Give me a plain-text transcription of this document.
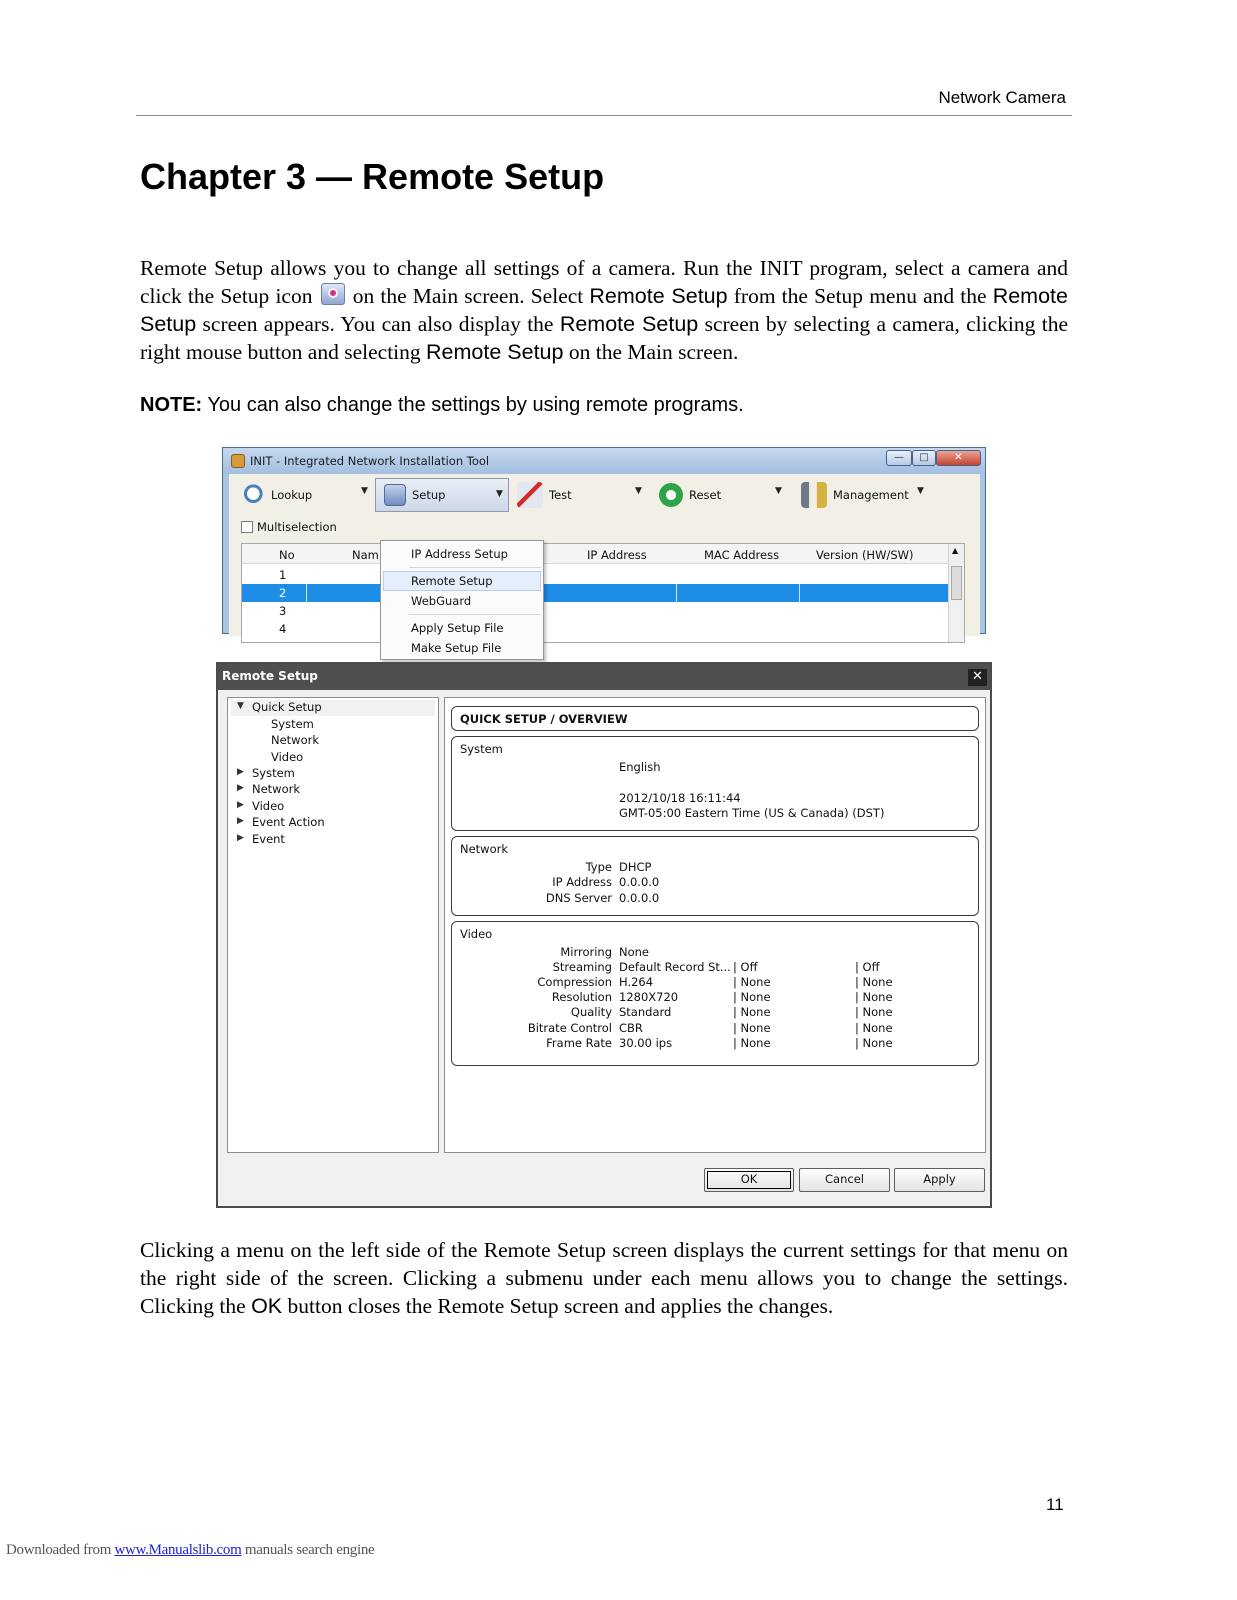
Network Camera
Chapter 3 — Remote Setup

Remote Setup allows you to change all settings of a camera. Run the INIT program, select a camera and click the Setup icon  on the Main screen. Select Remote Setup from the Setup menu and the Remote Setup screen appears. You can also display the Remote Setup screen by selecting a camera, clicking the right mouse button and selecting Remote Setup on the Main screen.

NOTE: You can also change the settings by using remote programs.

INIT - Integrated Network Installation Tool	—	□	✕
Lookup	▼	Setup	▼	Test	▼	Reset	▼	Management ▼
Multiselection
No	Nam	IP Address	MAC Address	Version (HW/SW)
1
2
3
4
▲
IP Address Setup
Remote Setup
WebGuard
Apply Setup File
Make Setup File
Remote Setup	✕
▼ Quick Setup
System
Network
Video
▶ System
▶ Network
▶ Video
▶ Event Action
▶ Event
QUICK SETUP / OVERVIEW
System
English
2012/10/18 16:11:44
GMT-05:00 Eastern Time (US & Canada) (DST)
Network
Type DHCP
IP Address 0.0.0.0
DNS Server 0.0.0.0
Video
Mirroring None
Streaming Default Record St... | Off	| Off
Compression H.264	| None	| None
Resolution 1280X720	| None	| None
Quality Standard	| None	| None
Bitrate Control CBR	| None	| None
Frame Rate 30.00 ips	| None	| None
OK	Cancel	Apply

Clicking a menu on the left side of the Remote Setup screen displays the current settings for that menu on the right side of the screen. Clicking a submenu under each menu allows you to change the settings. Clicking the OK button closes the Remote Setup screen and applies the changes.

11
Downloaded from www.Manualslib.com manuals search engine
